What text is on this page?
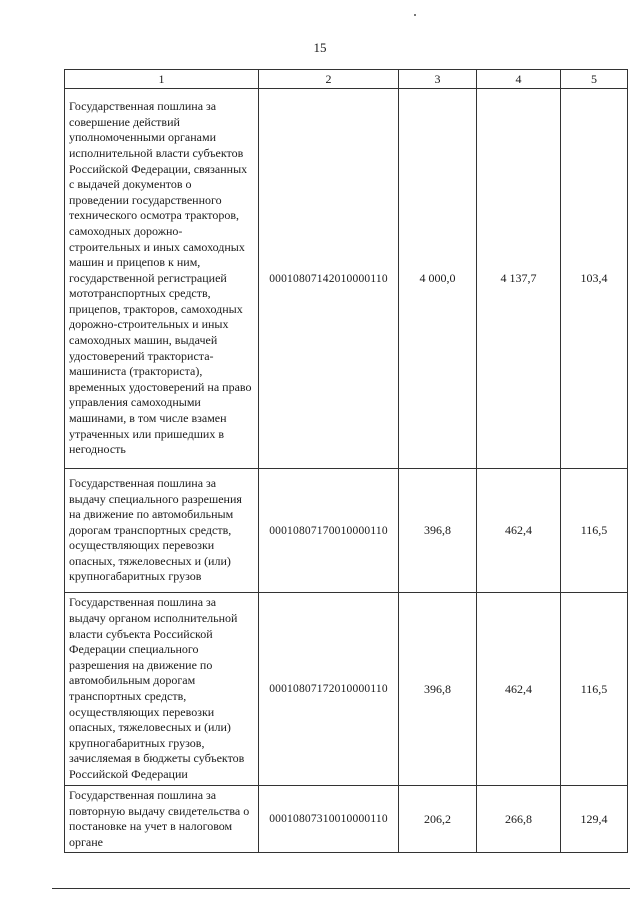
15
1	2	3	4	5
Государственная пошлина за совершение действий уполномоченными органами исполнительной власти субъектов Российской Федерации, связанных с выдачей документов о проведении государственного технического осмотра тракторов, самоходных дорожно-строительных и иных самоходных машин и прицепов к ним, государственной регистрацией мототранспортных средств, прицепов, тракторов, самоходных дорожно-строительных и иных самоходных машин, выдачей удостоверений тракториста-машиниста (тракториста), временных удостоверений на право управления самоходными машинами, в том числе взамен утраченных или пришедших в негодность	00010807142010000110	4 000,0	4 137,7	103,4
Государственная пошлина за выдачу специального разрешения на движение по автомобильным дорогам транспортных средств, осуществляющих перевозки опасных, тяжеловесных и (или) крупногабаритных грузов	00010807170010000110	396,8	462,4	116,5
Государственная пошлина за выдачу органом исполнительной власти субъекта Российской Федерации специального разрешения на движение по автомобильным дорогам транспортных средств, осуществляющих перевозки опасных, тяжеловесных и (или) крупногабаритных грузов, зачисляемая в бюджеты субъектов Российской Федерации	00010807172010000110	396,8	462,4	116,5
Государственная пошлина за повторную выдачу свидетельства о постановке на учет в налоговом органе	00010807310010000110	206,2	266,8	129,4
